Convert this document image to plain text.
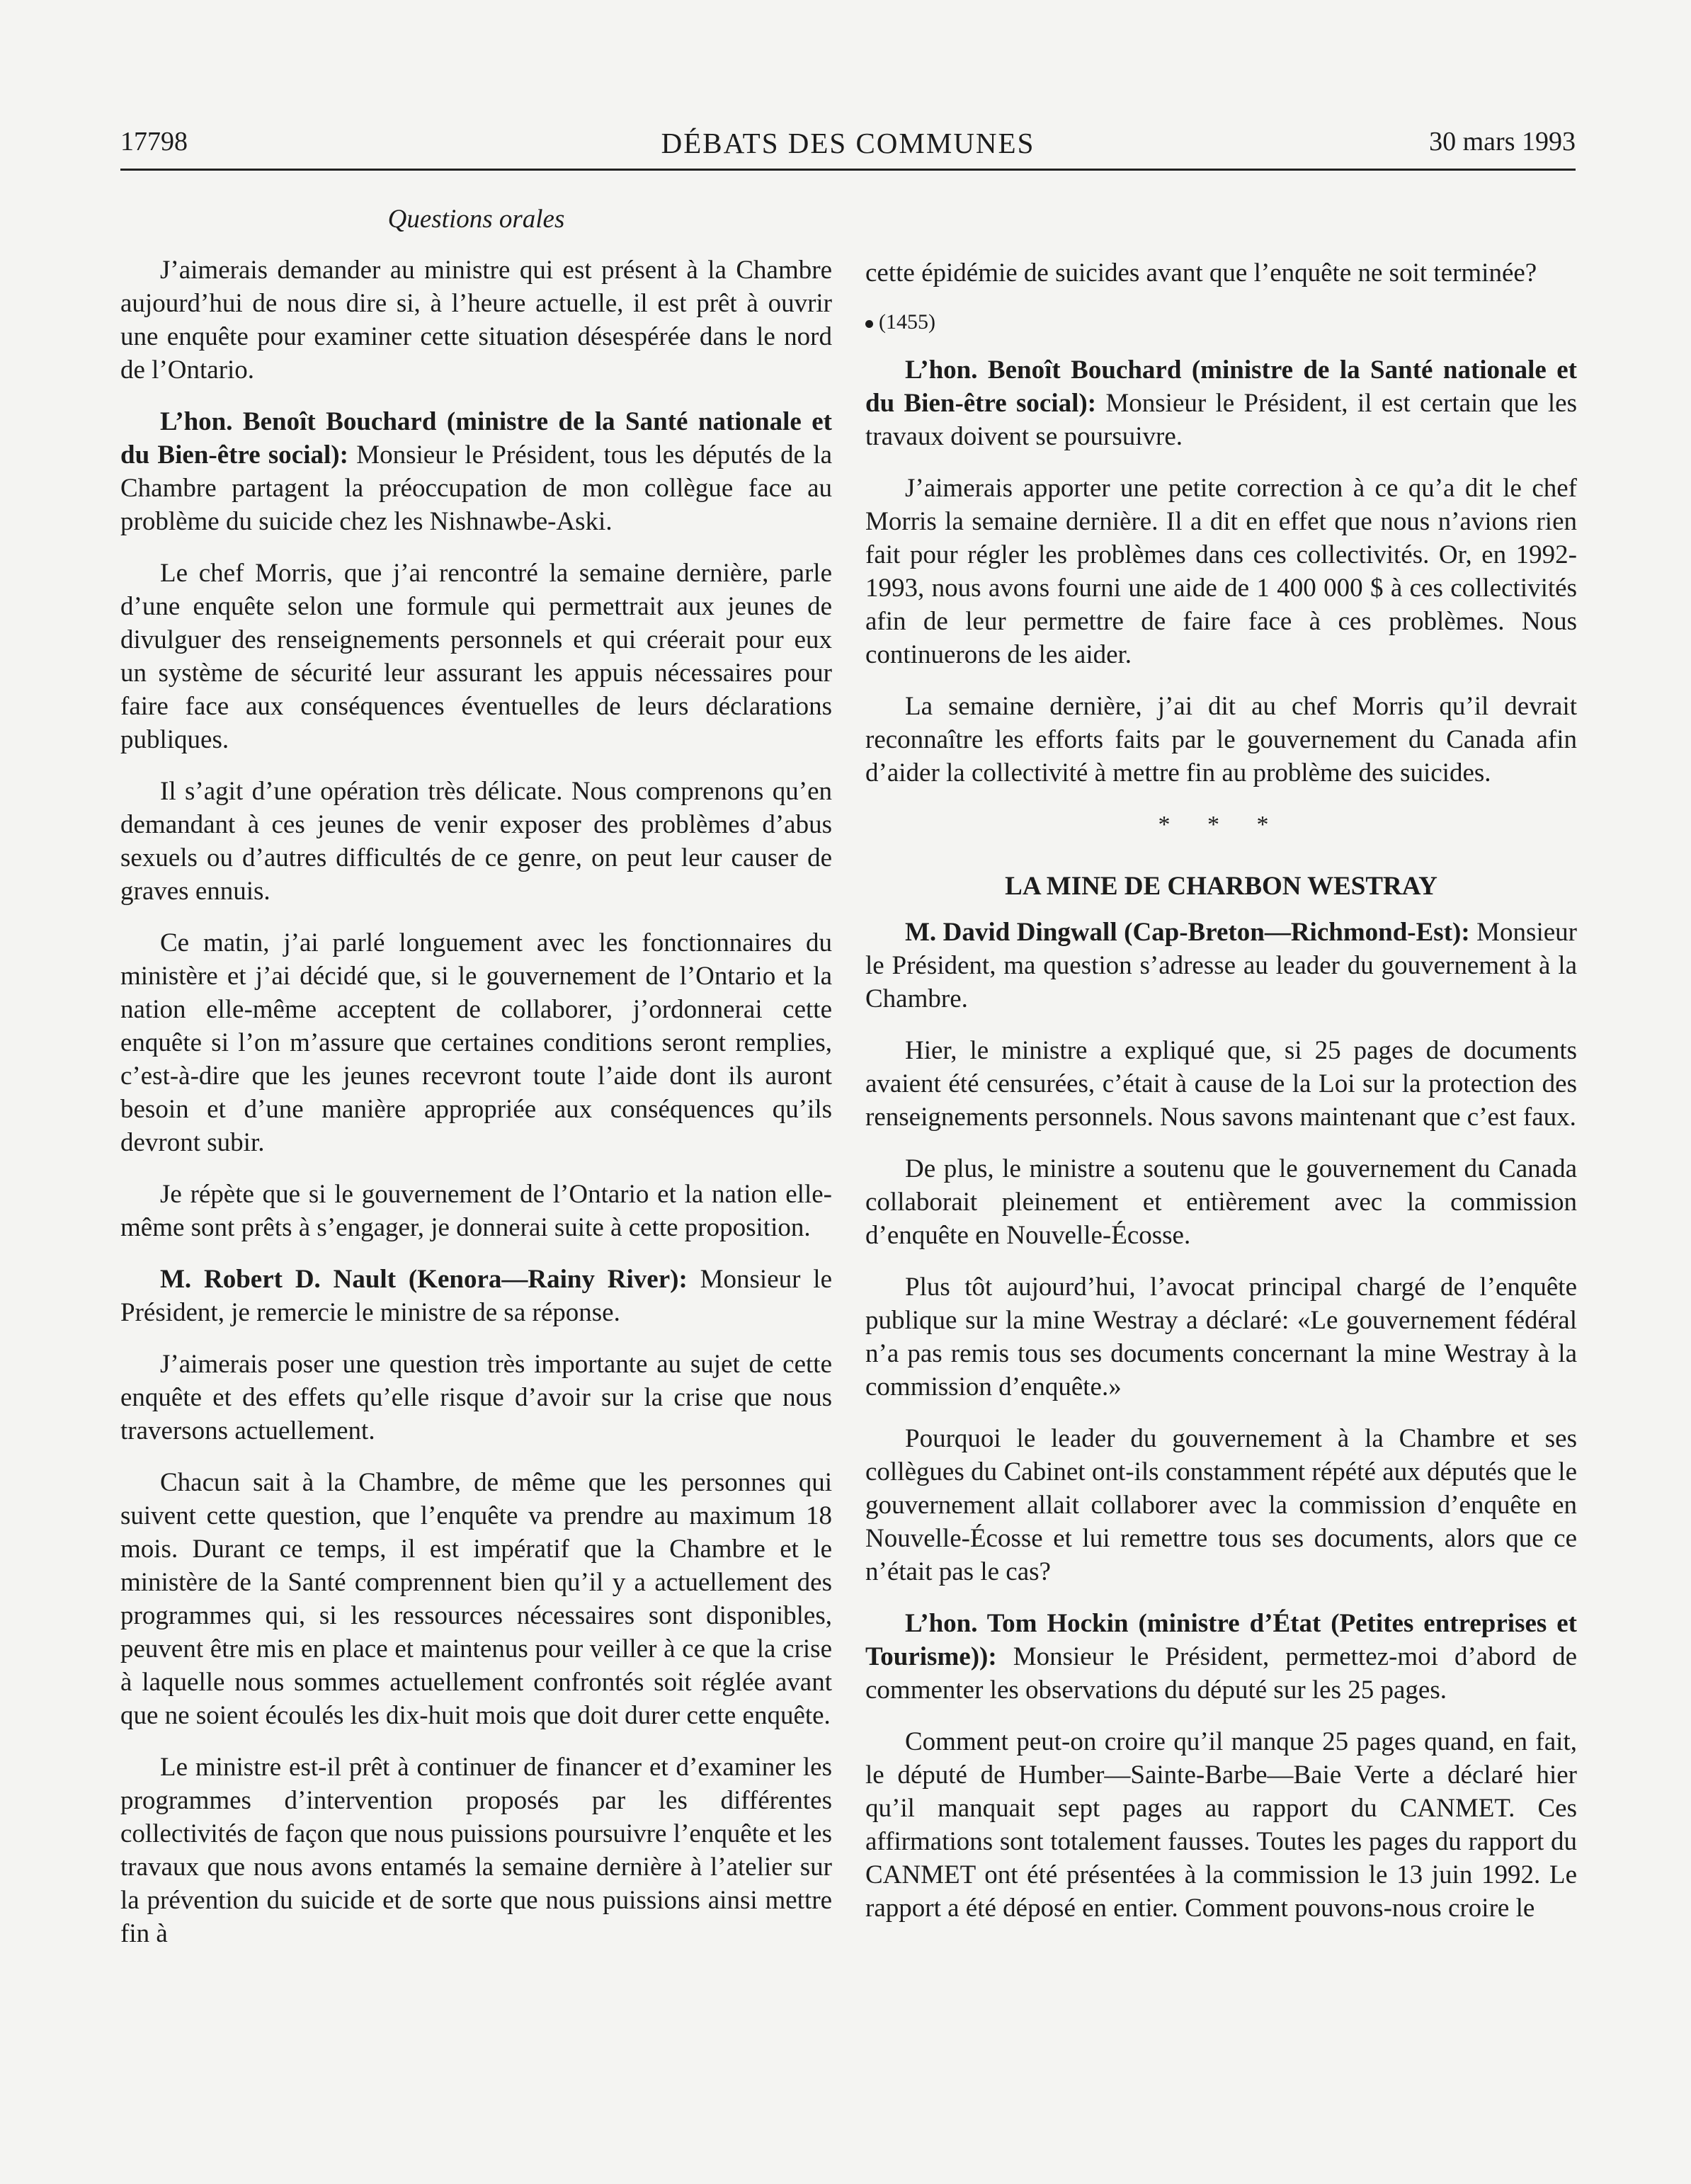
17798	DÉBATS DES COMMUNES	30 mars 1993
Questions orales

J’aimerais demander au ministre qui est présent à la Chambre aujourd’hui de nous dire si, à l’heure actuelle, il est prêt à ouvrir une enquête pour examiner cette situation désespérée dans le nord de l’Ontario.

L’hon. Benoît Bouchard (ministre de la Santé nationale et du Bien-être social): Monsieur le Président, tous les députés de la Chambre partagent la préoccupation de mon collègue face au problème du suicide chez les Nishnawbe-Aski.

Le chef Morris, que j’ai rencontré la semaine dernière, parle d’une enquête selon une formule qui permettrait aux jeunes de divulguer des renseignements personnels et qui créerait pour eux un système de sécurité leur assurant les appuis nécessaires pour faire face aux conséquences éventuelles de leurs déclarations publiques.

Il s’agit d’une opération très délicate. Nous comprenons qu’en demandant à ces jeunes de venir exposer des problèmes d’abus sexuels ou d’autres difficultés de ce genre, on peut leur causer de graves ennuis.

Ce matin, j’ai parlé longuement avec les fonctionnaires du ministère et j’ai décidé que, si le gouvernement de l’Ontario et la nation elle-même acceptent de collaborer, j’ordonnerai cette enquête si l’on m’assure que certaines conditions seront remplies, c’est-à-dire que les jeunes recevront toute l’aide dont ils auront besoin et d’une manière appropriée aux conséquences qu’ils devront subir.

Je répète que si le gouvernement de l’Ontario et la nation elle-même sont prêts à s’engager, je donnerai suite à cette proposition.

M. Robert D. Nault (Kenora—Rainy River): Monsieur le Président, je remercie le ministre de sa réponse.

J’aimerais poser une question très importante au sujet de cette enquête et des effets qu’elle risque d’avoir sur la crise que nous traversons actuellement.

Chacun sait à la Chambre, de même que les personnes qui suivent cette question, que l’enquête va prendre au maximum 18 mois. Durant ce temps, il est impératif que la Chambre et le ministère de la Santé comprennent bien qu’il y a actuellement des programmes qui, si les ressources nécessaires sont disponibles, peuvent être mis en place et maintenus pour veiller à ce que la crise à laquelle nous sommes actuellement confrontés soit réglée avant que ne soient écoulés les dix-huit mois que doit durer cette enquête.

Le ministre est-il prêt à continuer de financer et d’examiner les programmes d’intervention proposés par les différentes collectivités de façon que nous puissions poursuivre l’enquête et les travaux que nous avons entamés la semaine dernière à l’atelier sur la prévention du suicide et de sorte que nous puissions ainsi mettre fin à

cette épidémie de suicides avant que l’enquête ne soit terminée?

(1455)

L’hon. Benoît Bouchard (ministre de la Santé nationale et du Bien-être social): Monsieur le Président, il est certain que les travaux doivent se poursuivre.

J’aimerais apporter une petite correction à ce qu’a dit le chef Morris la semaine dernière. Il a dit en effet que nous n’avions rien fait pour régler les problèmes dans ces collectivités. Or, en 1992-1993, nous avons fourni une aide de 1 400 000 $ à ces collectivités afin de leur permettre de faire face à ces problèmes. Nous continuerons de les aider.

La semaine dernière, j’ai dit au chef Morris qu’il devrait reconnaître les efforts faits par le gouvernement du Canada afin d’aider la collectivité à mettre fin au problème des suicides.

* * *
LA MINE DE CHARBON WESTRAY

M. David Dingwall (Cap-Breton—Richmond-Est): Monsieur le Président, ma question s’adresse au leader du gouvernement à la Chambre.

Hier, le ministre a expliqué que, si 25 pages de documents avaient été censurées, c’était à cause de la Loi sur la protection des renseignements personnels. Nous savons maintenant que c’est faux.

De plus, le ministre a soutenu que le gouvernement du Canada collaborait pleinement et entièrement avec la commission d’enquête en Nouvelle-Écosse.

Plus tôt aujourd’hui, l’avocat principal chargé de l’enquête publique sur la mine Westray a déclaré: «Le gouvernement fédéral n’a pas remis tous ses documents concernant la mine Westray à la commission d’enquête.»

Pourquoi le leader du gouvernement à la Chambre et ses collègues du Cabinet ont-ils constamment répété aux députés que le gouvernement allait collaborer avec la commission d’enquête en Nouvelle-Écosse et lui remettre tous ses documents, alors que ce n’était pas le cas?

L’hon. Tom Hockin (ministre d’État (Petites entreprises et Tourisme)): Monsieur le Président, permettez-moi d’abord de commenter les observations du député sur les 25 pages.

Comment peut-on croire qu’il manque 25 pages quand, en fait, le député de Humber—Sainte-Barbe—Baie Verte a déclaré hier qu’il manquait sept pages au rapport du CANMET. Ces affirmations sont totalement fausses. Toutes les pages du rapport du CANMET ont été présentées à la commission le 13 juin 1992. Le rapport a été déposé en entier. Comment pouvons-nous croire le
